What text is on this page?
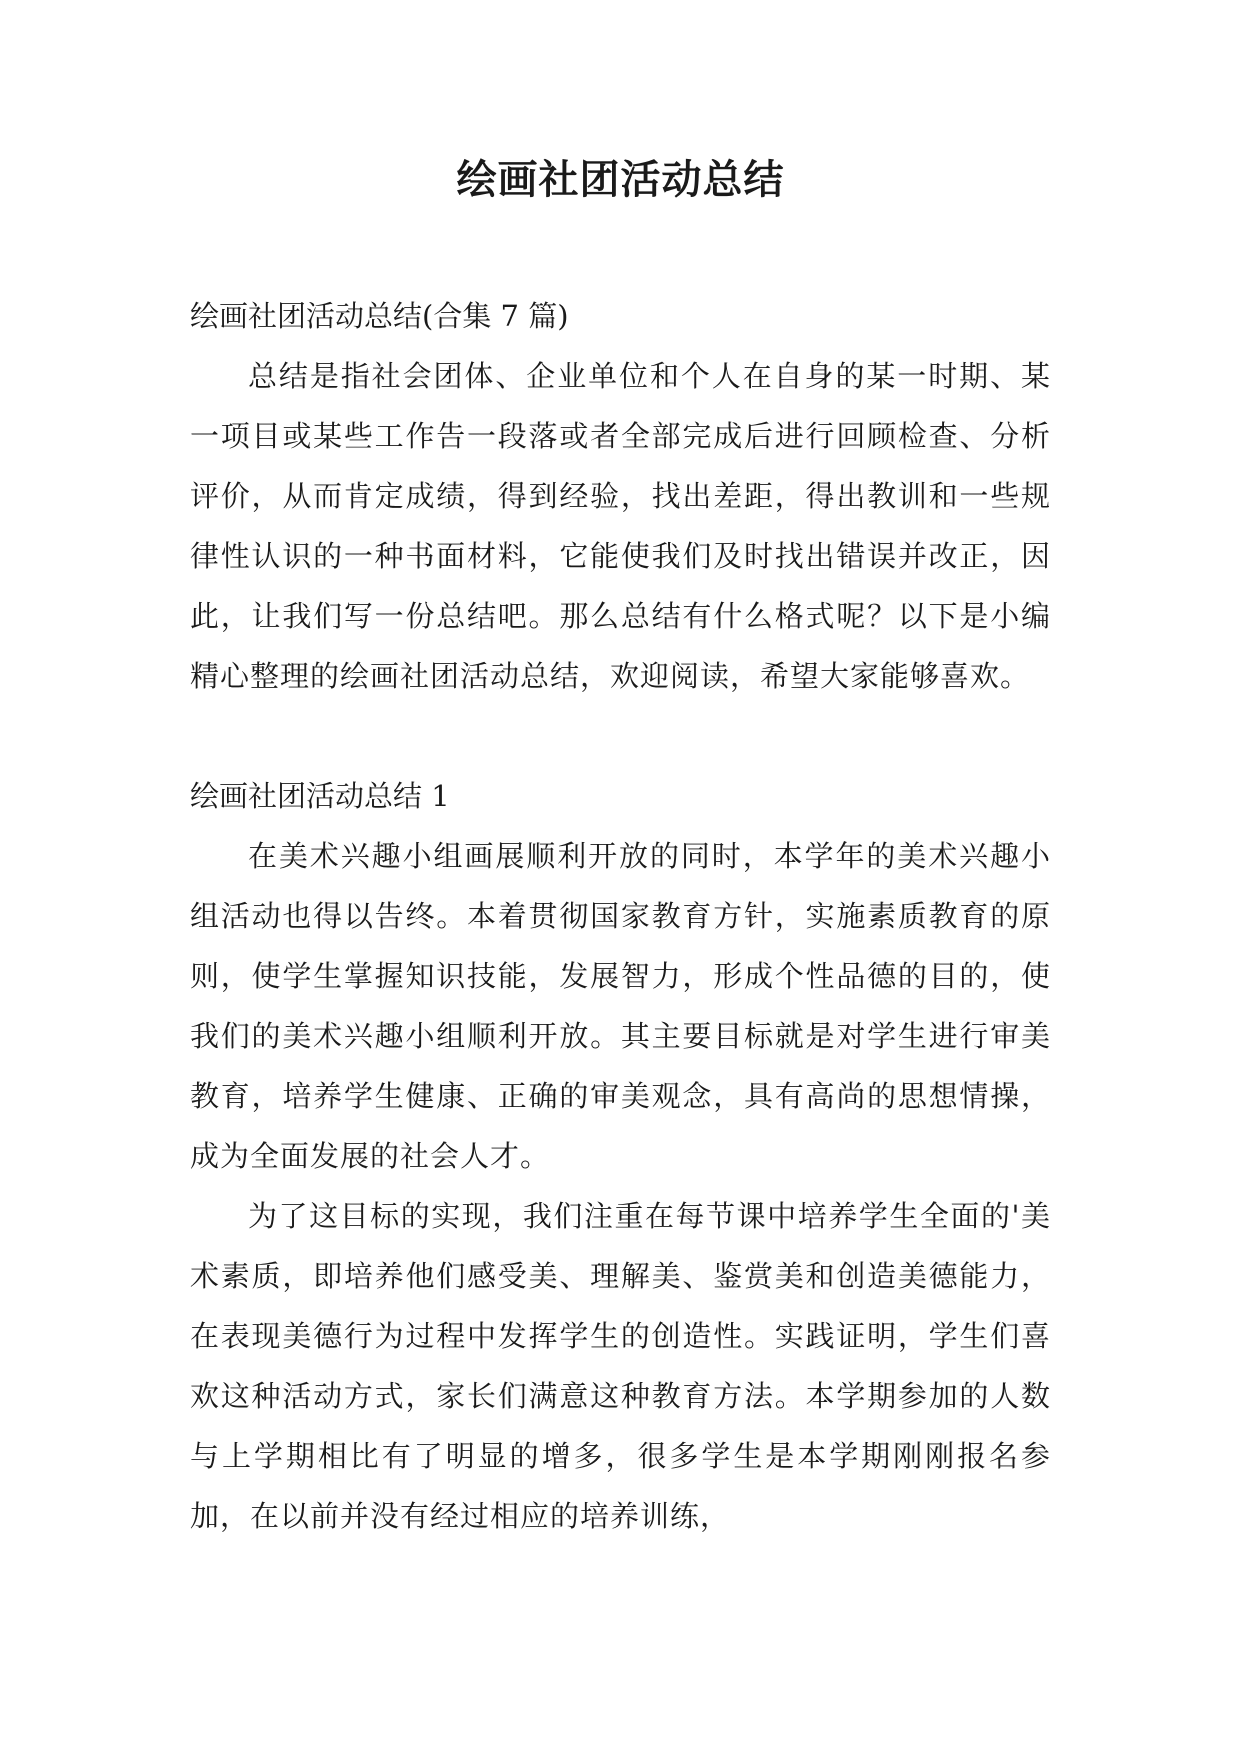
绘画社团活动总结

绘画社团活动总结(合集 7 篇)

总结是指社会团体、企业单位和个人在自身的某一时期、某一项目或某些工作告一段落或者全部完成后进行回顾检查、分析评价，从而肯定成绩，得到经验，找出差距，得出教训和一些规律性认识的一种书面材料，它能使我们及时找出错误并改正，因此，让我们写一份总结吧。那么总结有什么格式呢？以下是小编精心整理的绘画社团活动总结，欢迎阅读，希望大家能够喜欢。

绘画社团活动总结 1

在美术兴趣小组画展顺利开放的同时，本学年的美术兴趣小组活动也得以告终。本着贯彻国家教育方针，实施素质教育的原则，使学生掌握知识技能，发展智力，形成个性品德的目的，使我们的美术兴趣小组顺利开放。其主要目标就是对学生进行审美教育，培养学生健康、正确的审美观念，具有高尚的思想情操，成为全面发展的社会人才。

为了这目标的实现，我们注重在每节课中培养学生全面的'美术素质，即培养他们感受美、理解美、鉴赏美和创造美德能力，在表现美德行为过程中发挥学生的创造性。实践证明，学生们喜欢这种活动方式，家长们满意这种教育方法。本学期参加的人数与上学期相比有了明显的增多，很多学生是本学期刚刚报名参加，在以前并没有经过相应的培养训练，
